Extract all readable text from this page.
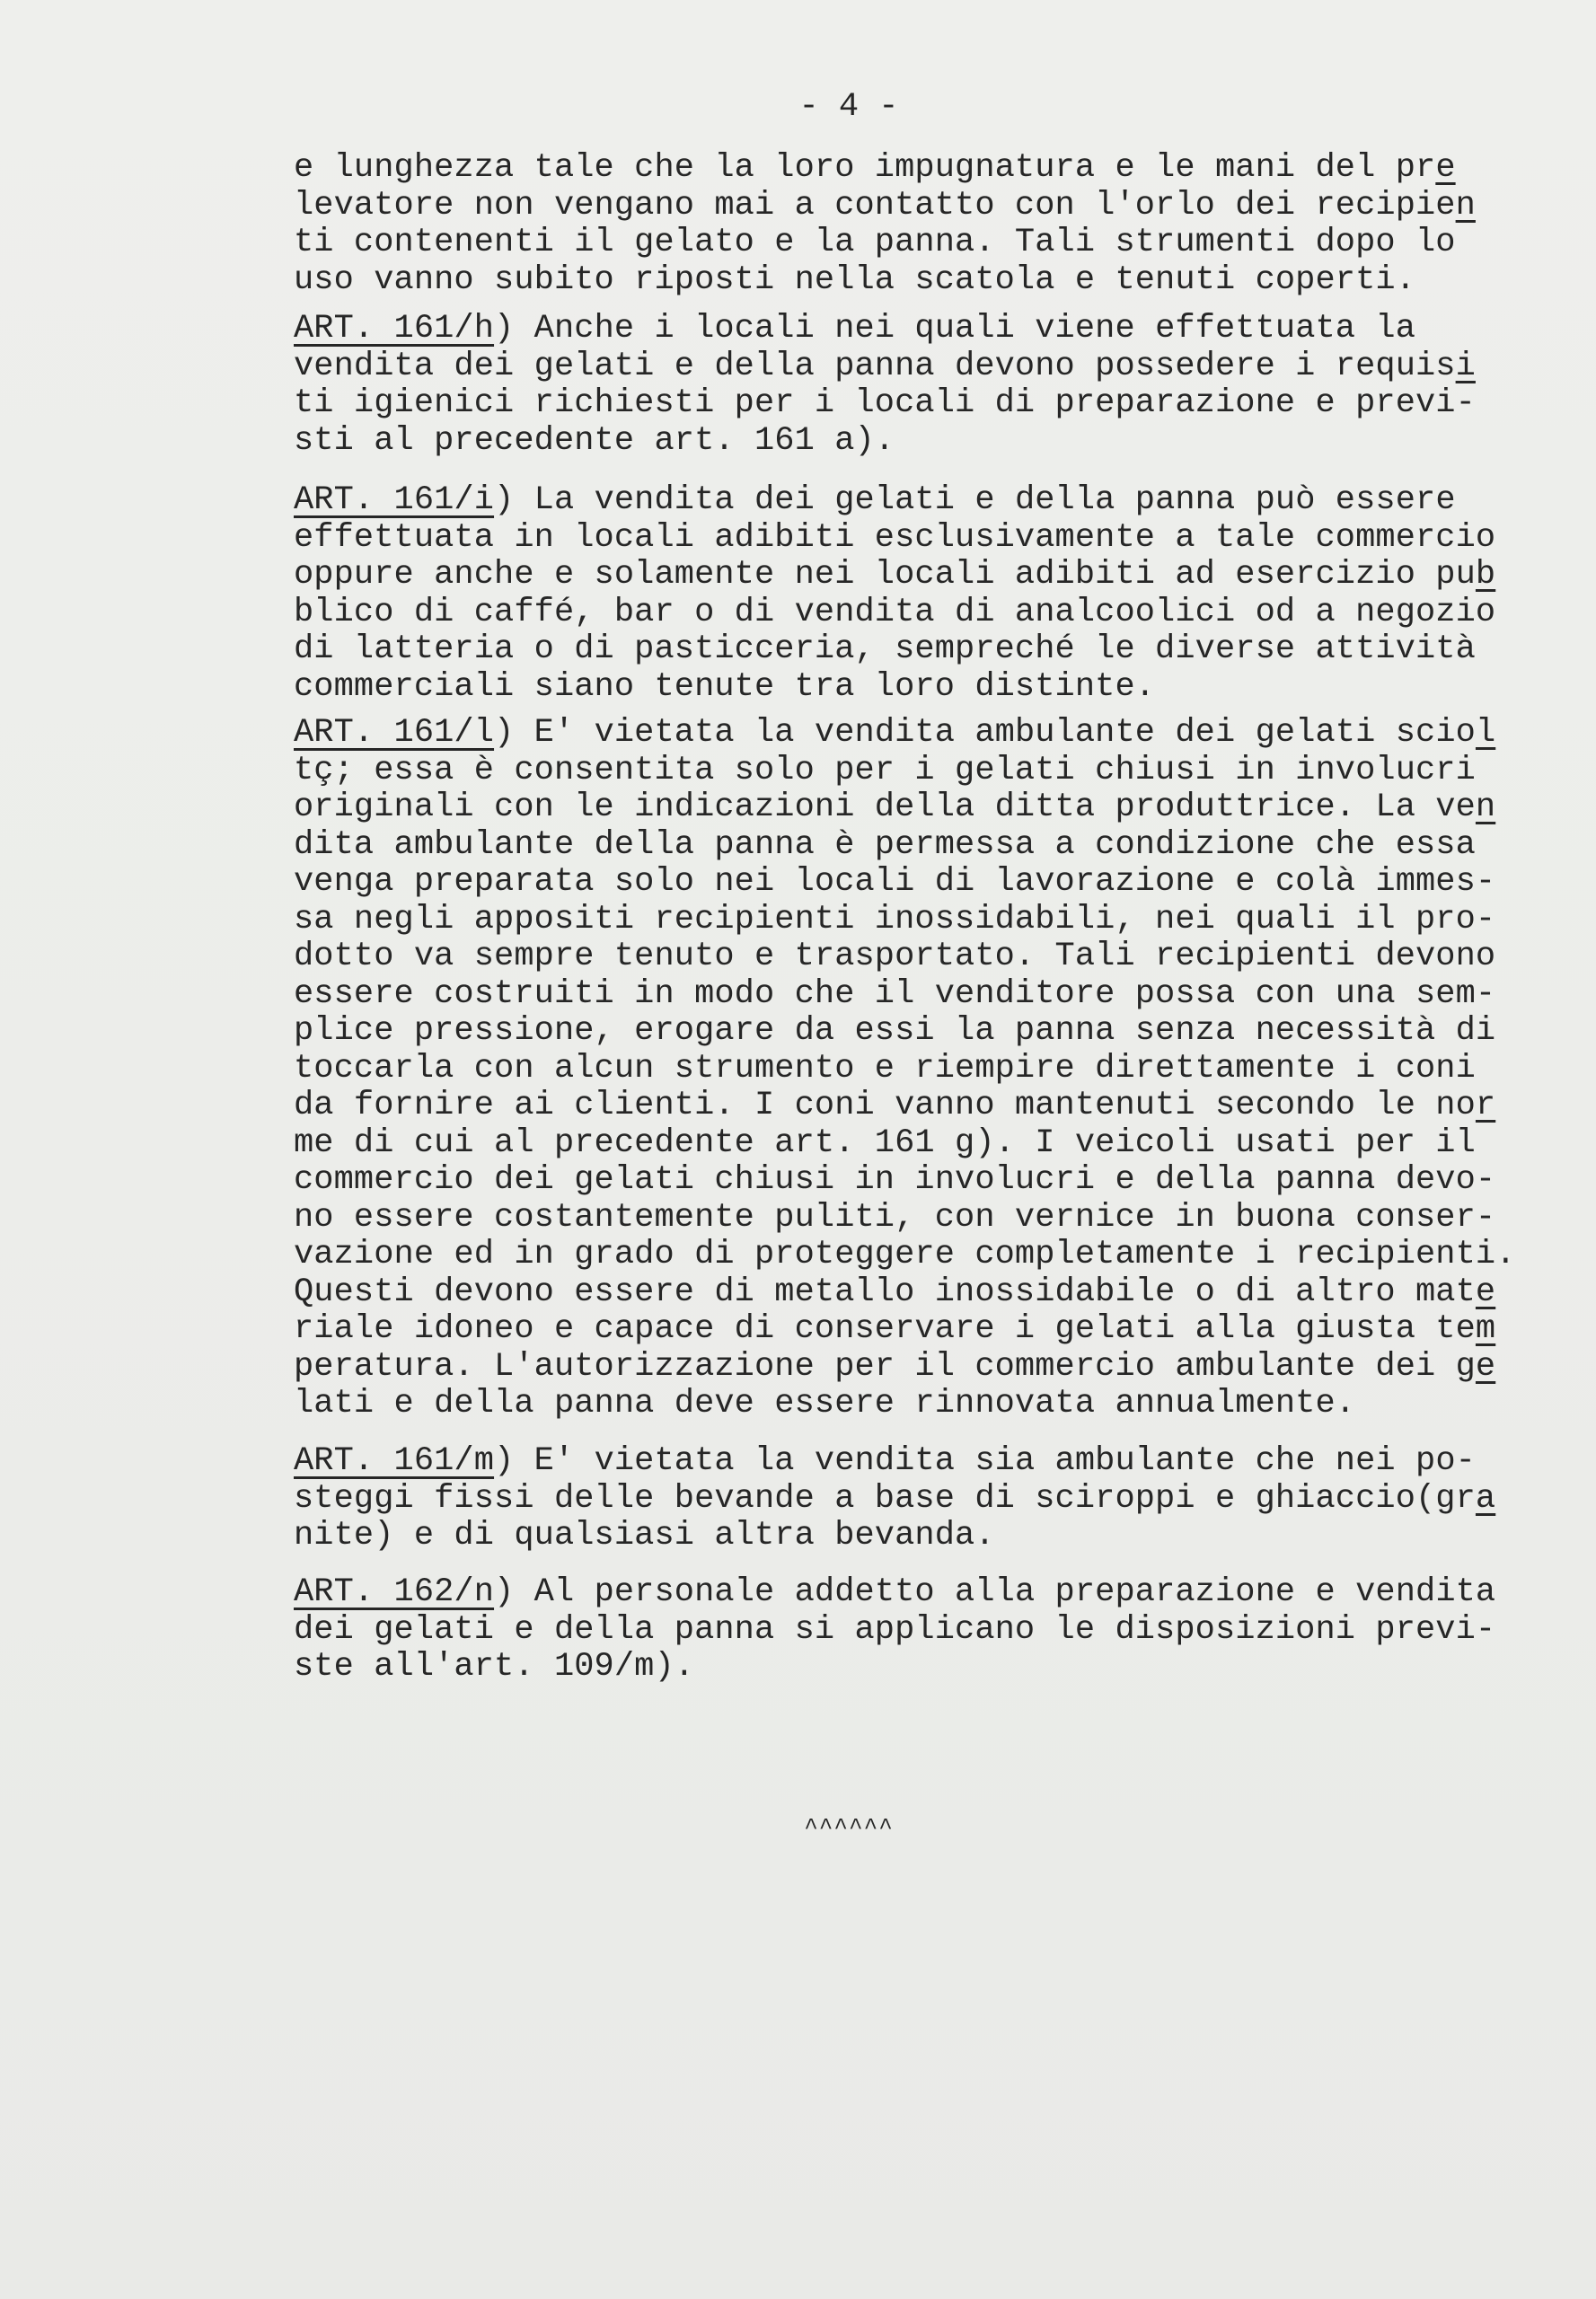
- 4 -
e lunghezza tale che la loro impugnatura e le mani del pre
levatore non vengano mai a contatto con l'orlo dei recipien
ti contenenti il gelato e la panna. Tali strumenti dopo lo
uso vanno subito riposti nella scatola e tenuti coperti.
ART. 161/h) Anche i locali nei quali viene effettuata la
vendita dei gelati e della panna devono possedere i requisi
ti igienici richiesti per i locali di preparazione e previ-
sti al precedente art. 161 a).
ART. 161/i) La vendita dei gelati e della panna può essere
effettuata in locali adibiti esclusivamente a tale commercio
oppure anche e solamente nei locali adibiti ad esercizio pub
blico di caffé, bar o di vendita di analcoolici od a negozio
di latteria o di pasticceria, sempreché le diverse attività
commerciali siano tenute tra loro distinte.
ART. 161/l) E' vietata la vendita ambulante dei gelati sciol
tç; essa è consentita solo per i gelati chiusi in involucri
originali con le indicazioni della ditta produttrice. La ven
dita ambulante della panna è permessa a condizione che essa
venga preparata solo nei locali di lavorazione e colà immes-
sa negli appositi recipienti inossidabili, nei quali il pro-
dotto va sempre tenuto e trasportato. Tali recipienti devono
essere costruiti in modo che il venditore possa con una sem-
plice pressione, erogare da essi la panna senza necessità di
toccarla con alcun strumento e riempire direttamente i coni
da fornire ai clienti. I coni vanno mantenuti secondo le nor
me di cui al precedente art. 161 g). I veicoli usati per il
commercio dei gelati chiusi in involucri e della panna devo-
no essere costantemente puliti, con vernice in buona conser-
vazione ed in grado di proteggere completamente i recipienti.
Questi devono essere di metallo inossidabile o di altro mate
riale idoneo e capace di conservare i gelati alla giusta tem
peratura. L'autorizzazione per il commercio ambulante dei ge
lati e della panna deve essere rinnovata annualmente.
ART. 161/m) E' vietata la vendita sia ambulante che nei po-
steggi fissi delle bevande a base di sciroppi e ghiaccio(gra
nite) e di qualsiasi altra bevanda.
ART. 162/n) Al personale addetto alla preparazione e vendita
dei gelati e della panna si applicano le disposizioni previ-
ste all'art. 109/m).
^^^^^^
